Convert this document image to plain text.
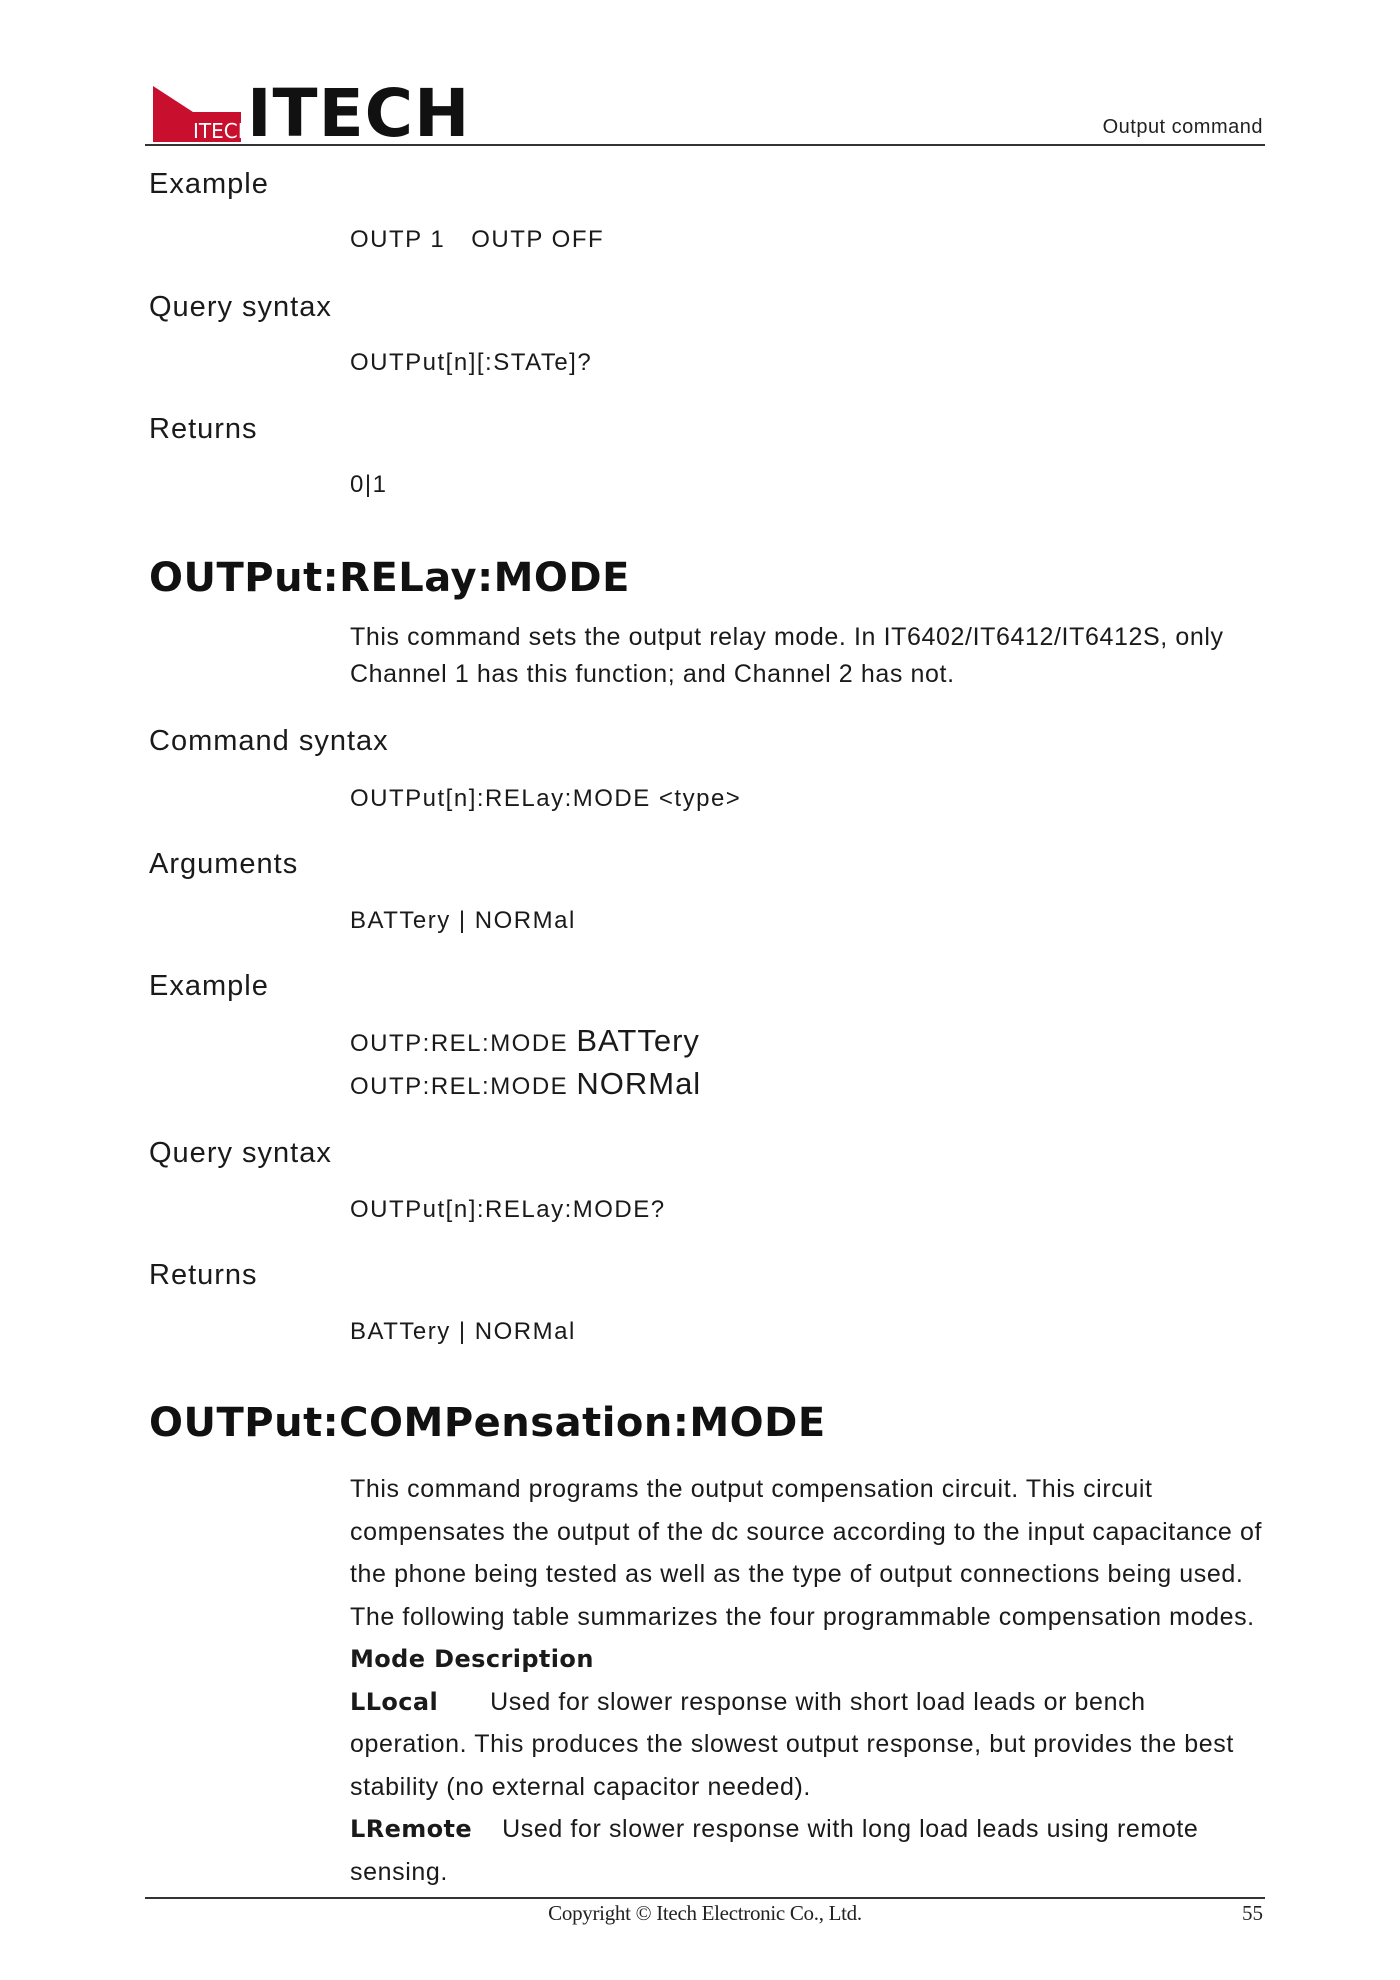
ITECH
ITECH	Output command
Example
OUTP 1 OUTP OFF
Query syntax
OUTPut[n][:STATe]?
Returns
0|1
OUTPut:RELay:MODE
This command sets the output relay mode. In IT6402/IT6412/IT6412S, only Channel 1 has this function; and Channel 2 has not.
Command syntax
OUTPut[n]:RELay:MODE <type>
Arguments
BATTery | NORMal
Example
OUTP:REL:MODE BATTery
OUTP:REL:MODE NORMal
Query syntax
OUTPut[n]:RELay:MODE?
Returns
BATTery | NORMal
OUTPut:COMPensation:MODE
This command programs the output compensation circuit. This circuit compensates the output of the dc source according to the input capacitance of the phone being tested as well as the type of output connections being used. The following table summarizes the four programmable compensation modes.
Mode Description
LLocal Used for slower response with short load leads or bench operation. This produces the slowest output response, but provides the best stability (no external capacitor needed).
LRemote Used for slower response with long load leads using remote sensing.
Copyright © Itech Electronic Co., Ltd.	55
